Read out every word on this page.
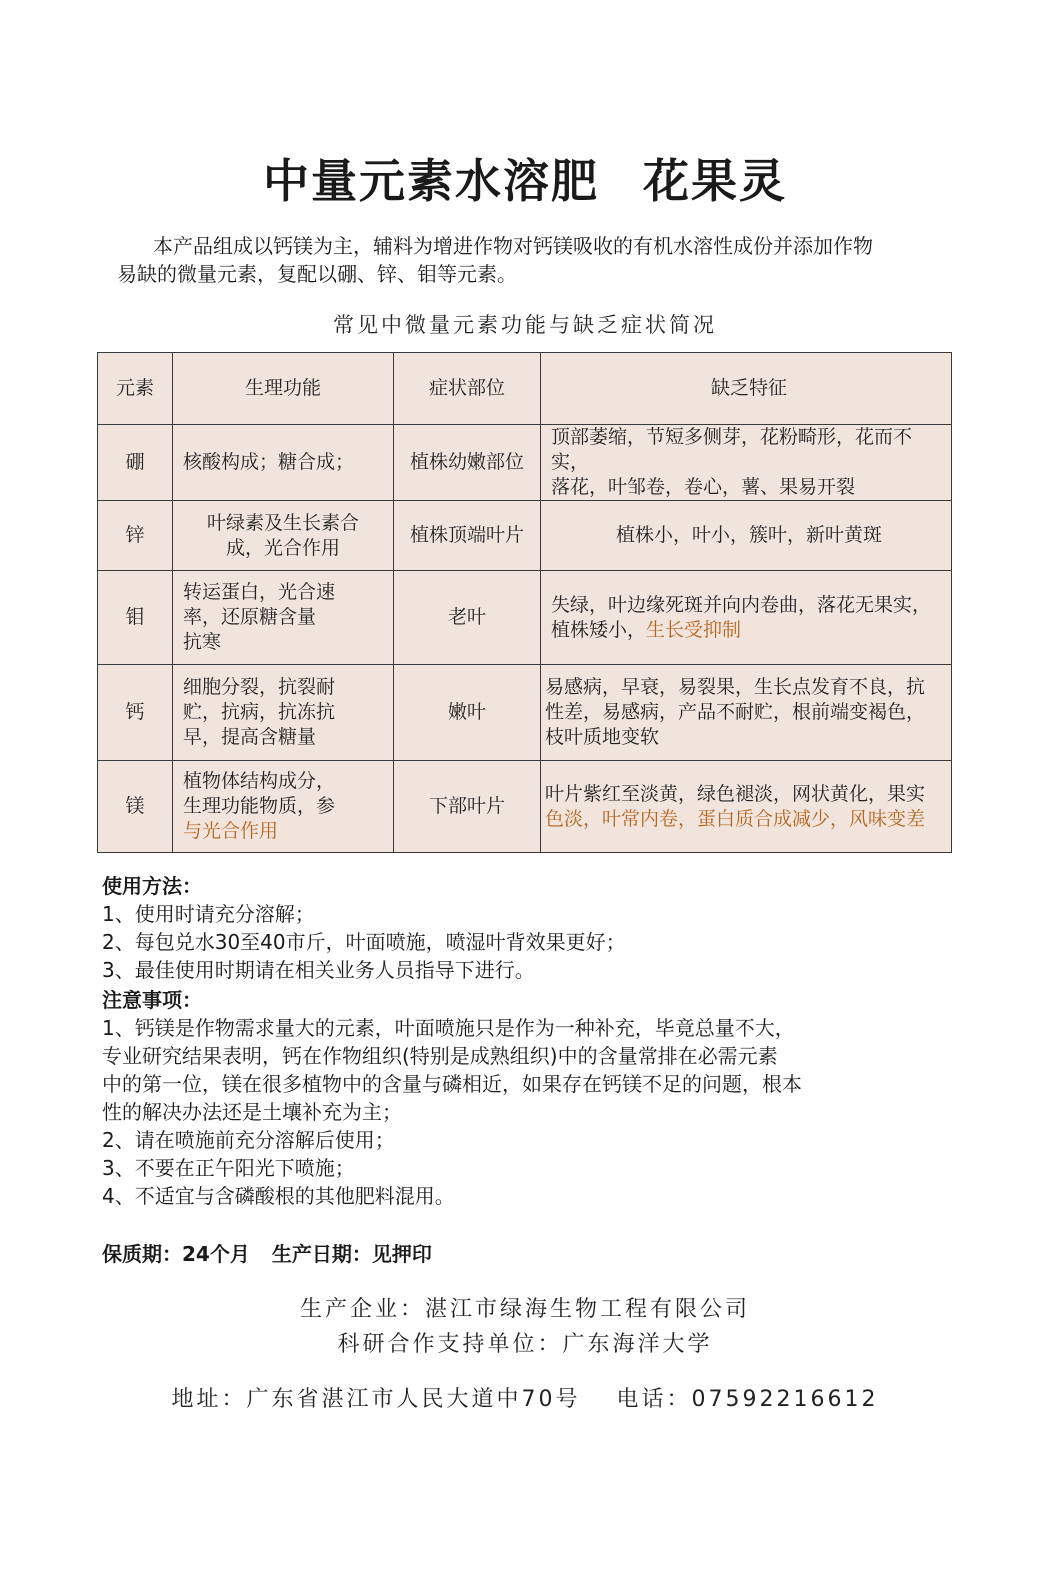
中量元素水溶肥 花果灵

本产品组成以钙镁为主，辅料为增进作物对钙镁吸收的有机水溶性成份并添加作物
易缺的微量元素，复配以硼、锌、钼等元素。

常见中微量元素功能与缺乏症状简况

元素	生理功能	症状部位	缺乏特征
硼	核酸构成；糖合成；	植株幼嫩部位	顶部萎缩，节短多侧芽，花粉畸形，花而不实，
落花，叶邹卷，卷心，薯、果易开裂
锌	叶绿素及生长素合
成，光合作用	植株顶端叶片	植株小，叶小，簇叶，新叶黄斑
钼	转运蛋白，光合速
率，还原糖含量
抗寒	老叶	失绿，叶边缘死斑并向内卷曲，落花无果实，
植株矮小，生长受抑制
钙	细胞分裂，抗裂耐
贮，抗病，抗冻抗
早，提高含糖量	嫩叶	易感病，早衰，易裂果，生长点发育不良，抗
性差，易感病，产品不耐贮，根前端变褐色，
枝叶质地变软
镁	植物体结构成分，
生理功能物质，参
与光合作用	下部叶片	叶片紫红至淡黄，绿色褪淡，网状黄化，果实
色淡，叶常内卷，蛋白质合成减少，风味变差
使用方法：

1、使用时请充分溶解；

2、每包兑水30至40市斤，叶面喷施，喷湿叶背效果更好；

3、最佳使用时期请在相关业务人员指导下进行。

注意事项：

1、钙镁是作物需求量大的元素，叶面喷施只是作为一种补充，毕竟总量不大，

专业研究结果表明，钙在作物组织(特别是成熟组织)中的含量常排在必需元素

中的第一位，镁在很多植物中的含量与磷相近，如果存在钙镁不足的问题，根本

性的解决办法还是土壤补充为主；

2、请在喷施前充分溶解后使用；

3、不要在正午阳光下喷施；

4、不适宜与含磷酸根的其他肥料混用。

保质期：24个月 生产日期：见押印

生产企业：湛江市绿海生物工程有限公司

科研合作支持单位：广东海洋大学

地址：广东省湛江市人民大道中70号 电话：07592216612
